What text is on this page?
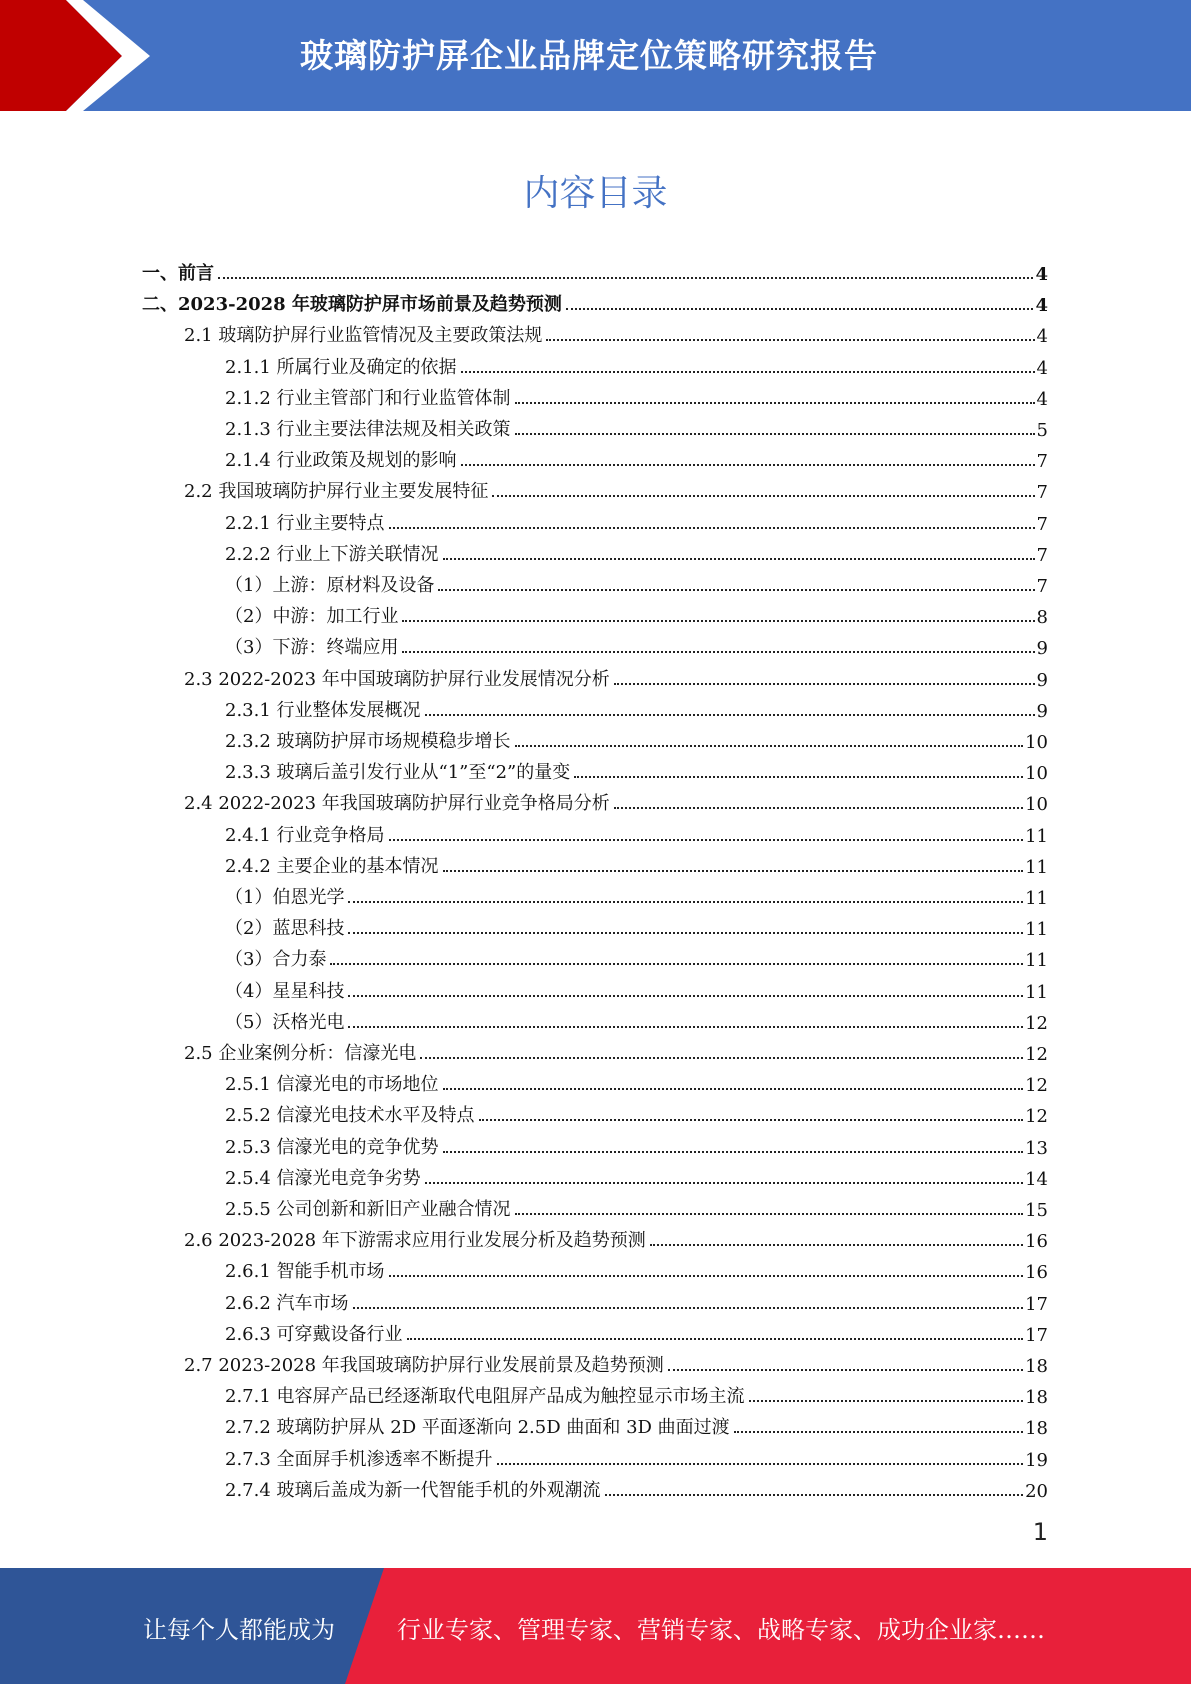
玻璃防护屏企业品牌定位策略研究报告
内容目录
一、前言	4
二、2023-2028 年玻璃防护屏市场前景及趋势预测	4
2.1 玻璃防护屏行业监管情况及主要政策法规	4
2.1.1 所属行业及确定的依据	4
2.1.2 行业主管部门和行业监管体制	4
2.1.3 行业主要法律法规及相关政策	5
2.1.4 行业政策及规划的影响	7
2.2 我国玻璃防护屏行业主要发展特征	7
2.2.1 行业主要特点	7
2.2.2 行业上下游关联情况	7
（1）上游：原材料及设备	7
（2）中游：加工行业	8
（3）下游：终端应用	9
2.3 2022-2023 年中国玻璃防护屏行业发展情况分析	9
2.3.1 行业整体发展概况	9
2.3.2 玻璃防护屏市场规模稳步增长	10
2.3.3 玻璃后盖引发行业从“1”至“2”的量变	10
2.4 2022-2023 年我国玻璃防护屏行业竞争格局分析	10
2.4.1 行业竞争格局	11
2.4.2 主要企业的基本情况	11
（1）伯恩光学	11
（2）蓝思科技	11
（3）合力泰	11
（4）星星科技	11
（5）沃格光电	12
2.5 企业案例分析：信濠光电	12
2.5.1 信濠光电的市场地位	12
2.5.2 信濠光电技术水平及特点	12
2.5.3 信濠光电的竞争优势	13
2.5.4 信濠光电竞争劣势	14
2.5.5 公司创新和新旧产业融合情况	15
2.6 2023-2028 年下游需求应用行业发展分析及趋势预测	16
2.6.1 智能手机市场	16
2.6.2 汽车市场	17
2.6.3 可穿戴设备行业	17
2.7 2023-2028 年我国玻璃防护屏行业发展前景及趋势预测	18
2.7.1 电容屏产品已经逐渐取代电阻屏产品成为触控显示市场主流	18
2.7.2 玻璃防护屏从 2D 平面逐渐向 2.5D 曲面和 3D 曲面过渡	18
2.7.3 全面屏手机渗透率不断提升	19
2.7.4 玻璃后盖成为新一代智能手机的外观潮流	20
1
让每个人都能成为	行业专家、管理专家、营销专家、战略专家、成功企业家……
